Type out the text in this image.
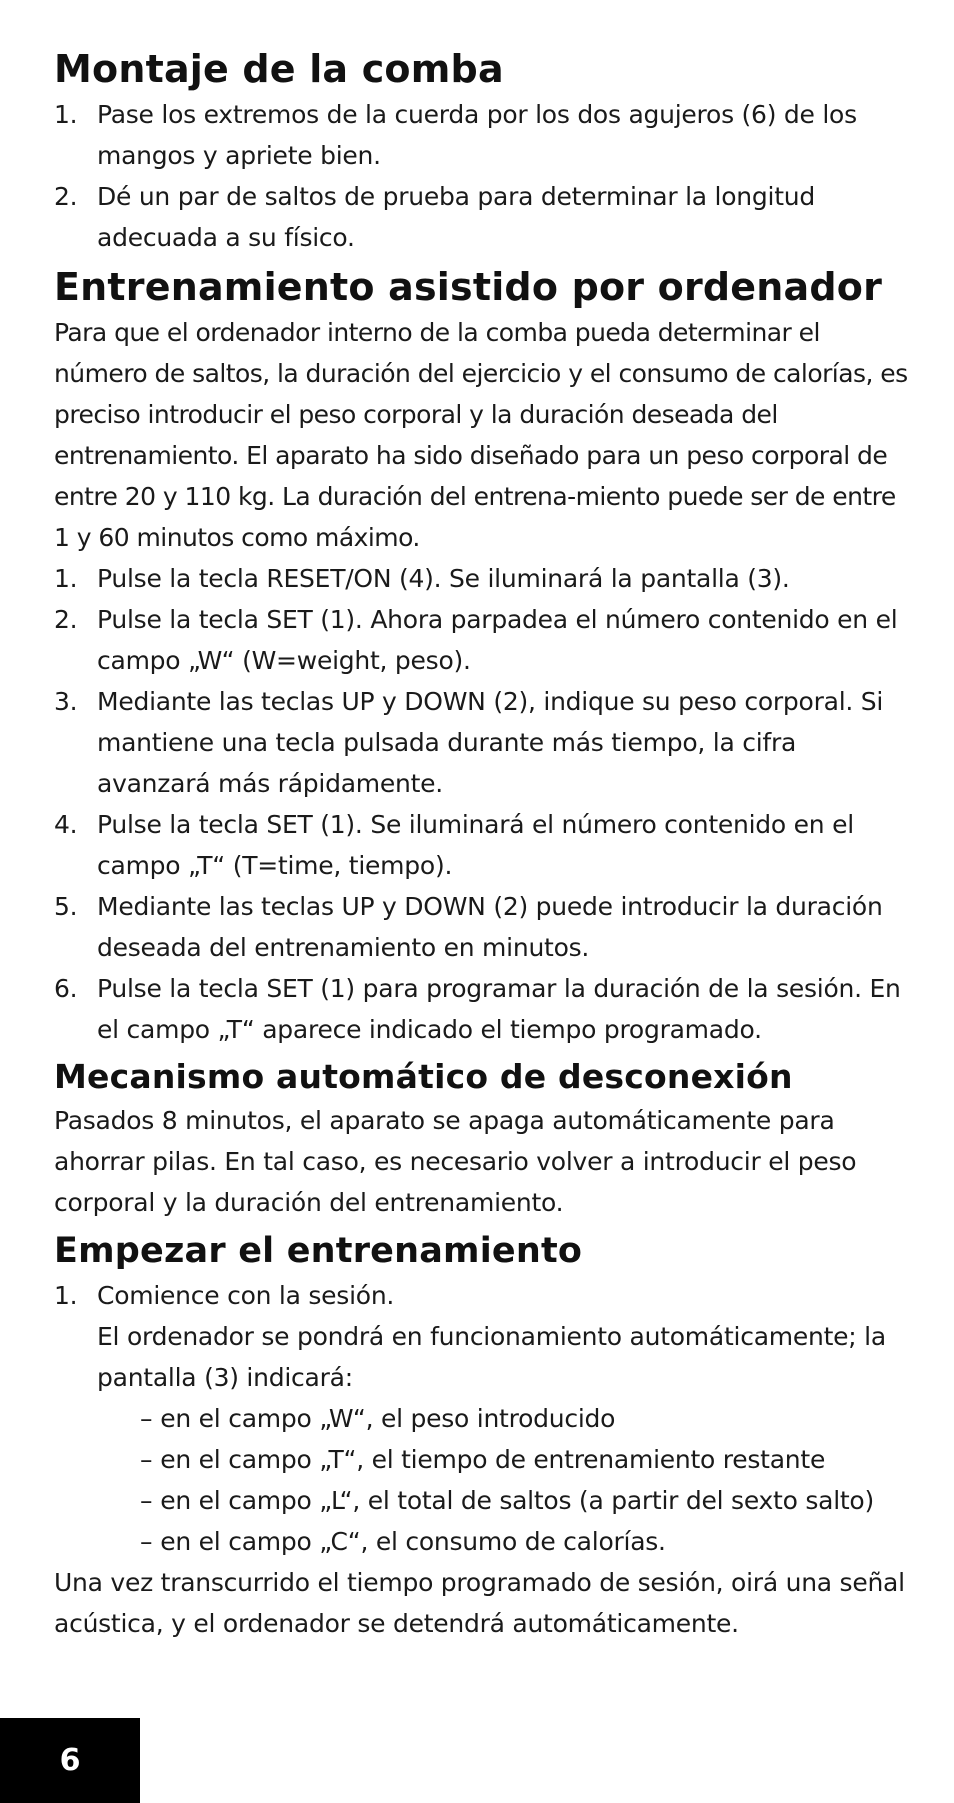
Montaje de la comba
1. Pase los extremos de la cuerda por los dos agujeros (6) de los mangos y apriete bien.
2. Dé un par de saltos de prueba para determinar la longitud adecuada a su físico.
Entrenamiento asistido por ordenador

Para que el ordenador interno de la comba pueda determinar el número de saltos, la duración del ejercicio y el consumo de calorías, es preciso introducir el peso corporal y la duración deseada del entrenamiento. El aparato ha sido diseñado para un peso corporal de entre 20 y 110 kg. La duración del entrena-miento puede ser de entre 1 y 60 minutos como máximo.

1. Pulse la tecla RESET/ON (4). Se iluminará la pantalla (3).
2. Pulse la tecla SET (1). Ahora parpadea el número contenido en el campo „W“ (W=weight, peso).
3. Mediante las teclas UP y DOWN (2), indique su peso corporal. Si mantiene una tecla pulsada durante más tiempo, la cifra avanzará más rápidamente.
4. Pulse la tecla SET (1). Se iluminará el número contenido en el campo „T“ (T=time, tiempo).
5. Mediante las teclas UP y DOWN (2) puede introducir la duración deseada del entrenamiento en minutos.
6. Pulse la tecla SET (1) para programar la duración de la sesión. En el campo „T“ aparece indicado el tiempo programado.
Mecanismo automático de desconexión

Pasados 8 minutos, el aparato se apaga automáticamente para ahorrar pilas. En tal caso, es necesario volver a introducir el peso corporal y la duración del entrenamiento.

Empezar el entrenamiento
1. Comience con la sesión.
El ordenador se pondrá en funcionamiento automáticamente; la pantalla (3) indicará:
– en el campo „W“, el peso introducido
– en el campo „T“, el tiempo de entrenamiento restante
– en el campo „L“, el total de saltos (a partir del sexto salto)
– en el campo „C“, el consumo de calorías.

Una vez transcurrido el tiempo programado de sesión, oirá una señal acústica, y el ordenador se detendrá automáticamente.

6
